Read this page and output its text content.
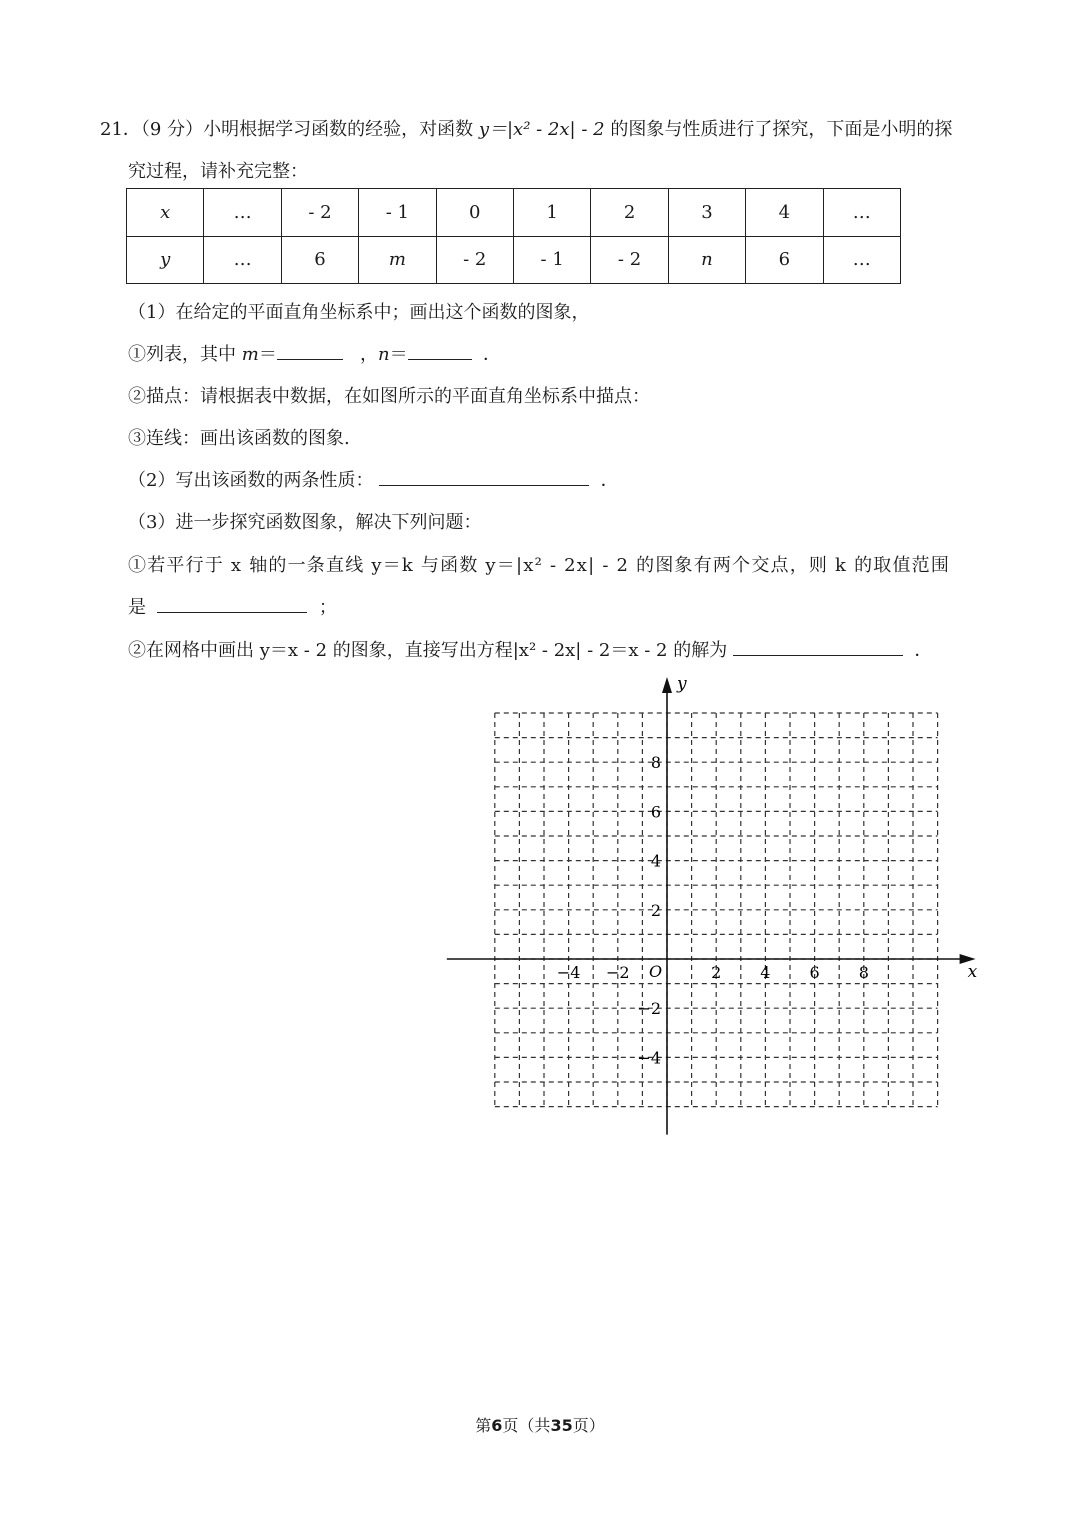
21．（9 分）小明根据学习函数的经验，对函数 y＝|x² - 2x| - 2 的图象与性质进行了探究，下面是小明的探
究过程，请补充完整：
x	…	- 2	- 1	0	1	2	3	4	…
y	…	6	m	- 2	- 1	- 2	n	6	…
（1）在给定的平面直角坐标系中；画出这个函数的图象，
①列表，其中 m＝	，n＝	．
②描点：请根据表中数据，在如图所示的平面直角坐标系中描点：
③连线：画出该函数的图象.
（2）写出该函数的两条性质：	．
（3）进一步探究函数图象，解决下列问题：
①若平行于 x 轴的一条直线 y＝k 与函数 y＝|x² - 2x| - 2 的图象有两个交点，则 k 的取值范围
是	；
②在网格中画出 y＝x - 2 的图象，直接写出方程|x² - 2x| - 2＝x - 2 的解为	．
x
y
O
−4 −2	2 4 6 8
8
6
4
2
−2
−4
第6页（共35页）
